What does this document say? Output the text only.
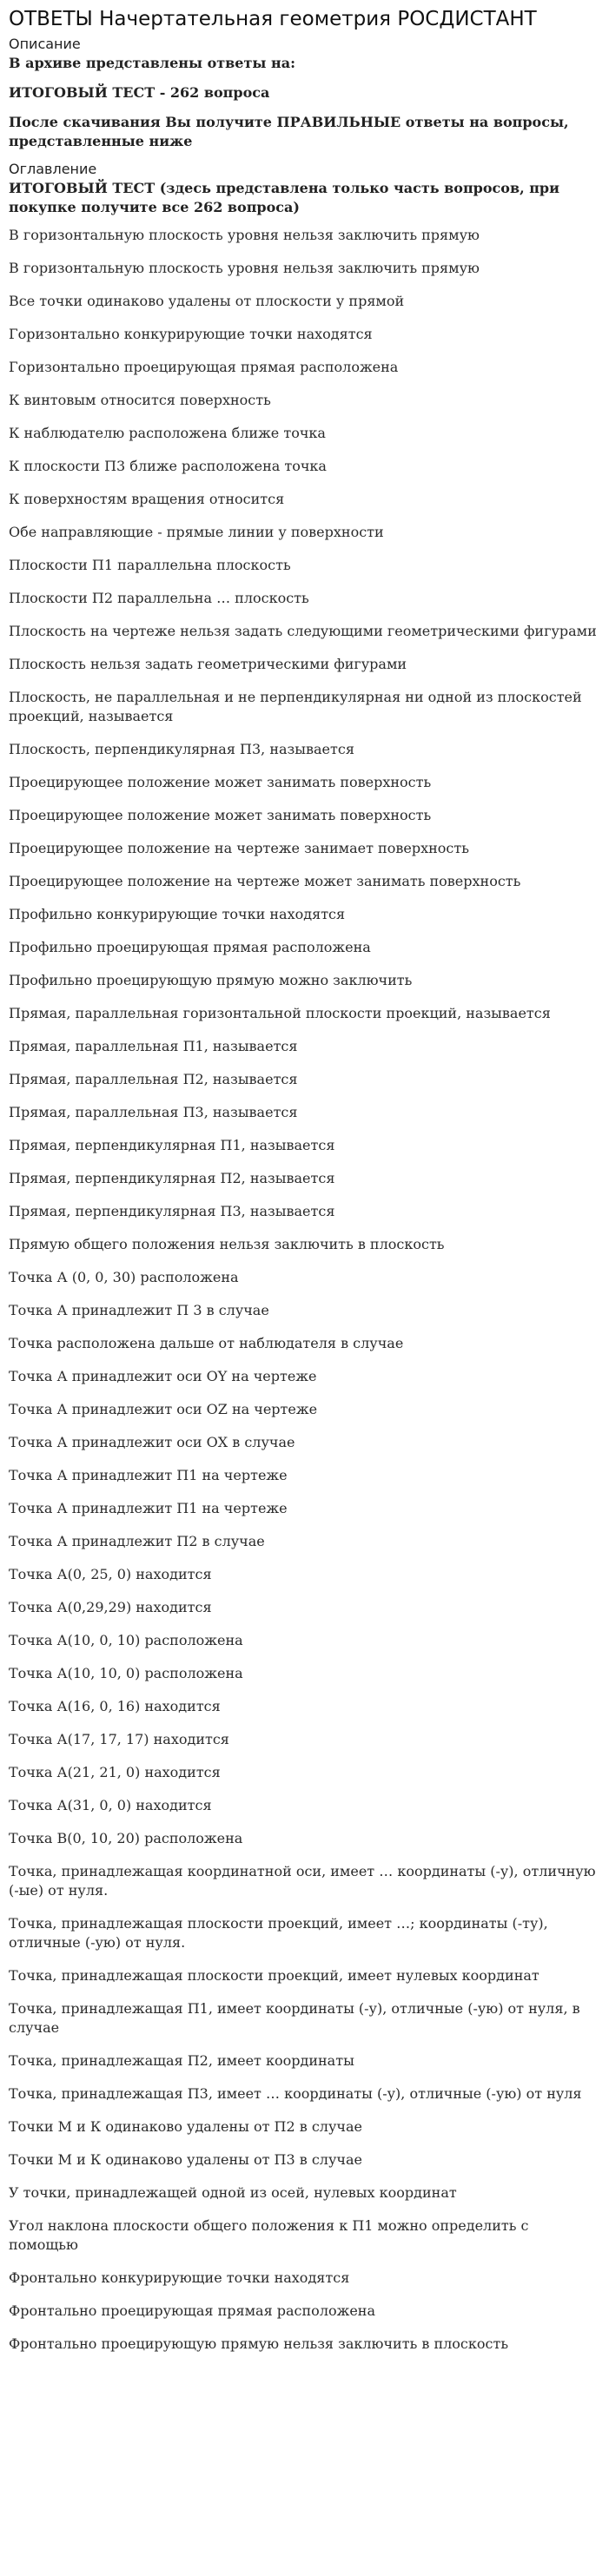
ОТВЕТЫ Начертательная геометрия РОСДИСТАНТ
Описание
В архиве представлены ответы на:
ИТОГОВЫЙ ТЕСТ - 262 вопроса
После скачивания Вы получите ПРАВИЛЬНЫЕ ответы на вопросы, представленные ниже
Оглавление
ИТОГОВЫЙ ТЕСТ (здесь представлена только часть вопросов, при покупке получите все 262 вопроса)
В горизонтальную плоскость уровня нельзя заключить прямую
В горизонтальную плоскость уровня нельзя заключить прямую
Все точки одинаково удалены от плоскости у прямой
Горизонтально конкурирующие точки находятся
Горизонтально проецирующая прямая расположена
К винтовым относится поверхность
К наблюдателю расположена ближе точка
К плоскости П3 ближе расположена точка
К поверхностям вращения относится
Обе направляющие - прямые линии у поверхности
Плоскости П1 параллельна плоскость
Плоскости П2 параллельна … плоскость
Плоскость на чертеже нельзя задать следующими геометрическими фигурами
Плоскость нельзя задать геометрическими фигурами
Плоскость, не параллельная и не перпендикулярная ни одной из плоскостей проекций, называется
Плоскость, перпендикулярная П3, называется
Проецирующее положение может занимать поверхность
Проецирующее положение может занимать поверхность
Проецирующее положение на чертеже занимает поверхность
Проецирующее положение на чертеже может занимать поверхность
Профильно конкурирующие точки находятся
Профильно проецирующая прямая расположена
Профильно проецирующую прямую можно заключить
Прямая, параллельная горизонтальной плоскости проекций, называется
Прямая, параллельная П1, называется
Прямая, параллельная П2, называется
Прямая, параллельная П3, называется
Прямая, перпендикулярная П1, называется
Прямая, перпендикулярная П2, называется
Прямая, перпендикулярная П3, называется
Прямую общего положения нельзя заключить в плоскость
Точка А (0, 0, 30) расположена
Точка А принадлежит П 3 в случае
Точка расположена дальше от наблюдателя в случае
Точка А принадлежит оси OY на чертеже
Точка А принадлежит оси OZ на чертеже
Точка А принадлежит оси ОХ в случае
Точка А принадлежит П1 на чертеже
Точка А принадлежит П1 на чертеже
Точка А принадлежит П2 в случае
Точка А(0, 25, 0) находится
Точка А(0,29,29) находится
Точка А(10, 0, 10) расположена
Точка А(10, 10, 0) расположена
Точка А(16, 0, 16) находится
Точка А(17, 17, 17) находится
Точка А(21, 21, 0) находится
Точка А(31, 0, 0) находится
Точка В(0, 10, 20) расположена
Точка, принадлежащая координатной оси, имеет … координаты (-у), отличную (-ые) от нуля.
Точка, принадлежащая плоскости проекций, имеет …; координаты (-ту), отличные (-ую) от нуля.
Точка, принадлежащая плоскости проекций, имеет нулевых координат
Точка, принадлежащая П1, имеет координаты (-у), отличные (-ую) от нуля, в случае
Точка, принадлежащая П2, имеет координаты
Точка, принадлежащая П3, имеет … координаты (-у), отличные (-ую) от нуля
Точки М и К одинаково удалены от П2 в случае
Точки М и К одинаково удалены от П3 в случае
У точки, принадлежащей одной из осей, нулевых координат
Угол наклона плоскости общего положения к П1 можно определить с помощью
Фронтально конкурирующие точки находятся
Фронтально проецирующая прямая расположена
Фронтально проецирующую прямую нельзя заключить в плоскость
